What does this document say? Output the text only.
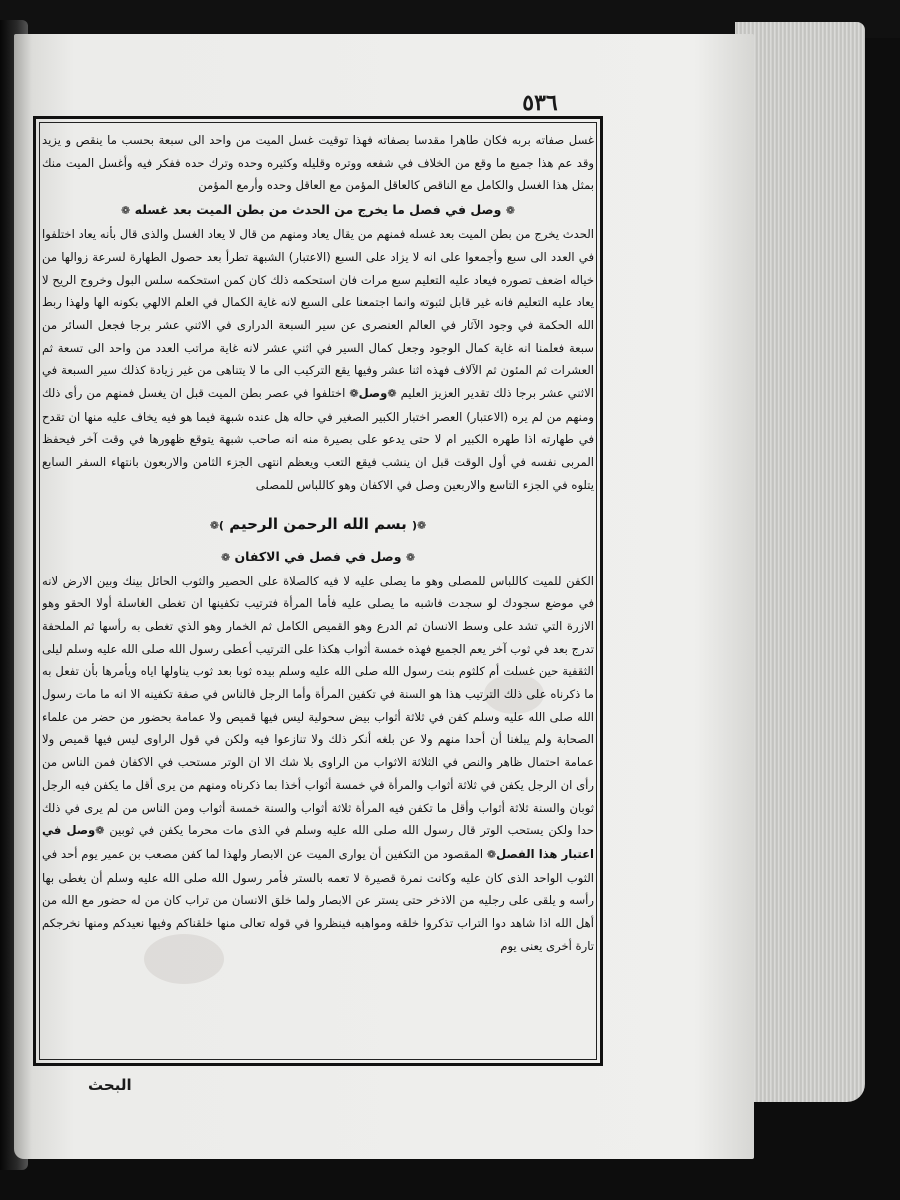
٥٣٦

غسل صفاته بربه فكان طاهرا مقدسا بصفاته فهذا توقيت غسل الميت من واحد الى سبعة بحسب ما ينقص و يزيد وقد عم هذا جميع ما وقع من الخلاف في شفعه ووتره وقليله وكثيره وحده وترك حده ففكر فيه وأغسل الميت منك بمثل هذا الغسل والكامل مع الناقص كالعاقل المؤمن مع العاقل وحده وأرمع المؤمن

❁ وصل في فصل ما يخرج من الحدث من بطن الميت بعد غسله ❁

الحدث يخرج من بطن الميت بعد غسله فمنهم من يقال يعاد ومنهم من قال لا يعاد الغسل والذى قال بأنه يعاد اختلفوا في العدد الى سبع وأجمعوا على انه لا يزاد على السبع (الاعتبار) الشبهة تطرأ بعد حصول الطهارة لسرعة زوالها من خياله اضعف تصوره فيعاد عليه التعليم سبع مرات فان استحكمه ذلك كان كمن استحكمه سلس البول وخروج الريح لا يعاد عليه التعليم فانه غير قابل لثبوته وانما اجتمعنا على السبع لانه غاية الكمال في العلم الالهي بكونه الها ولهذا ربط الله الحكمة في وجود الآثار في العالم العنصرى عن سير السبعة الدرارى في الاثني عشر برجا فجعل السائر من سبعة فعلمنا انه غاية كمال الوجود وجعل كمال السير في اثني عشر لانه غاية مراتب العدد من واحد الى تسعة ثم العشرات ثم المئون ثم الآلاف فهذه اثنا عشر وفيها يقع التركيب الى ما لا يتناهى من غير زيادة كذلك سير السبعة في الاثني عشر برجا ذلك تقدير العزيز العليم ❁وصل❁ اختلفوا في عصر بطن الميت قبل ان يغسل فمنهم من رأى ذلك ومنهم من لم يره (الاعتبار) العصر اختبار الكبير الصغير في حاله هل عنده شبهة فيما هو فيه يخاف عليه منها ان تقدح في طهارته اذا طهره الكبير ام لا حتى يدعو على بصيرة منه انه صاحب شبهة يتوقع ظهورها في وقت آخر فيحفظ المربى نفسه في أول الوقت قبل ان ينشب فيقع التعب ويعظم انتهى الجزء الثامن والاربعون بانتهاء السفر السابع يتلوه في الجزء التاسع والاربعين وصل في الاكفان وهو كاللباس للمصلى

❁( بسم الله الرحمن الرحيم )❁
❁ وصل في فصل في الاكفان ❁

الكفن للميت كاللباس للمصلى وهو ما يصلى عليه لا فيه كالصلاة على الحصير والثوب الحائل بينك وبين الارض لانه في موضع سجودك لو سجدت فاشبه ما يصلى عليه فأما المرأة فترتيب تكفينها ان تغطى الغاسلة أولا الحقو وهو الازرة التي تشد على وسط الانسان ثم الدرع وهو القميص الكامل ثم الخمار وهو الذي تغطى به رأسها ثم الملحفة تدرج بعد في ثوب آخر يعم الجميع فهذه خمسة أثواب هكذا على الترتيب أعطى رسول الله صلى الله عليه وسلم ليلى الثقفية حين غسلت أم كلثوم بنت رسول الله صلى الله عليه وسلم بيده ثوبا بعد ثوب يناولها اياه ويأمرها بأن تفعل به ما ذكرناه على ذلك الترتيب هذا هو السنة في تكفين المرأة وأما الرجل فالناس في صفة تكفينه الا انه ما مات رسول الله صلى الله عليه وسلم كفن في ثلاثة أثواب بيض سحولية ليس فيها قميص ولا عمامة بحضور من حضر من علماء الصحابة ولم يبلغنا أن أحدا منهم ولا عن بلغه أنكر ذلك ولا تنازعوا فيه ولكن في قول الراوى ليس فيها قميص ولا عمامة احتمال ظاهر والنص في الثلاثة الاثواب من الراوى بلا شك الا ان الوتر مستحب في الاكفان فمن الناس من رأى ان الرجل يكفن في ثلاثة أثواب والمرأة في خمسة أثواب أخذا بما ذكرناه ومنهم من يرى أقل ما يكفن فيه الرجل ثوبان والسنة ثلاثة أثواب وأقل ما تكفن فيه المرأة ثلاثة أثواب والسنة خمسة أثواب ومن الناس من لم يرى في ذلك حدا ولكن يستحب الوتر قال رسول الله صلى الله عليه وسلم في الذى مات محرما يكفن في ثوبين ❁وصل في اعتبار هذا الفصل❁ المقصود من التكفين أن يوارى الميت عن الابصار ولهذا لما كفن مصعب بن عمير يوم أحد في الثوب الواحد الذى كان عليه وكانت نمرة قصيرة لا تعمه بالستر فأمر رسول الله صلى الله عليه وسلم أن يغطى بها رأسه و يلقى على رجليه من الاذخر حتى يستر عن الابصار ولما خلق الانسان من تراب كان من له حضور مع الله من أهل الله اذا شاهد دوا التراب تذكروا خلقه ومواهبه فينظروا في قوله تعالى منها خلقناكم وفيها نعيدكم ومنها نخرجكم تارة أخرى يعنى يوم

البحث
